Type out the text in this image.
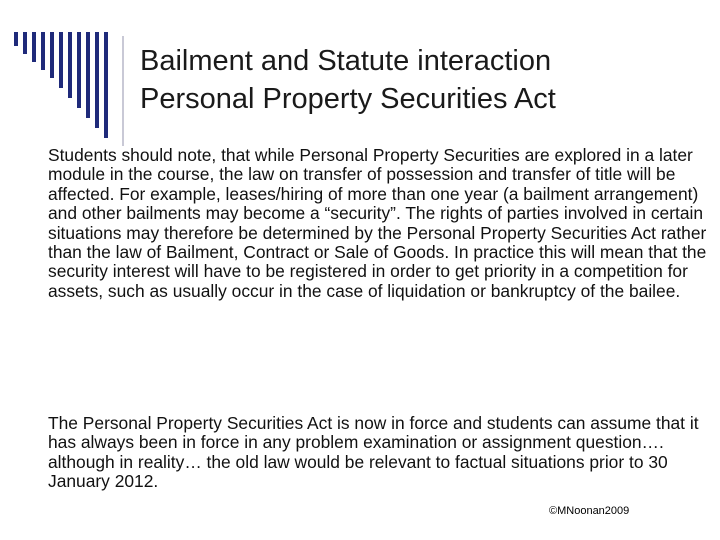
Bailment and Statute interaction
Personal Property Securities Act
Students should note, that while Personal Property Securities are explored in a later module in the course, the law on transfer of possession and transfer of title will be affected. For example, leases/hiring of more than one year (a bailment arrangement) and other bailments may become a “security”. The rights of parties involved in certain situations may therefore be determined by the Personal Property Securities Act rather than the law of Bailment, Contract or Sale of Goods. In practice this will mean that the security interest will have to be registered in order to get priority in a competition for assets, such as usually occur in the case of liquidation or bankruptcy of the bailee.
The Personal Property Securities Act is now in force and students can assume that it has always been in force in any problem examination or assignment question…. although in reality… the old law would be relevant to factual situations prior to 30 January 2012.
©MNoonan2009
